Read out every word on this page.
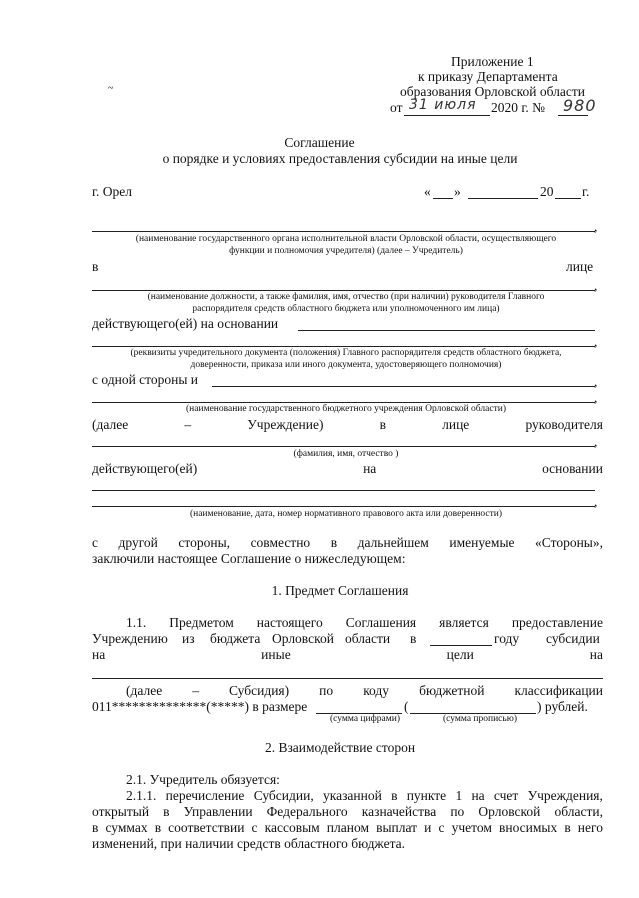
~
Приложение 1
к приказу Департамента
образования Орловской области
от 31 июля 2020 г. № 980
Соглашение
о порядке и условиях предоставления субсидии на иные цели
г. Орел	« »	20 г.
,
(наименование государственного органа исполнительной власти Орловской области, осуществляющего
функции и полномочия учредителя) (далее – Учредитель)
в	лице
,
(наименование должности, а также фамилия, имя, отчество (при наличии) руководителя Главного
распорядителя средств областного бюджета или уполномоченного им лица)
действующего(ей) на основании
,
(реквизиты учредительного документа (положения) Главного распорядителя средств областного бюджета,
доверенности, приказа или иного документа, удостоверяющего полномочия)
с одной стороны и	,
,
(наименование государственного бюджетного учреждения Орловской области)
(далее	–	Учреждение)	в	лице	руководителя
,
(фамилия, имя, отчество )
действующего(ей)	на	основании
,
(наименование, дата, номер нормативного правового акта или доверенности)
с другой стороны, совместно в дальнейшем именуемые «Стороны»,
заключили настоящее Соглашение о нижеследующем:
1. Предмет Соглашения
1.1. Предметом настоящего Соглашения является предоставление
Учреждению из бюджета Орловской области в	году субсидии
на	иные	цели	на
(далее – Субсидия) по коду бюджетной классификации
011**************(*****) в размере	(	) рублей.
(сумма цифрами)	(сумма прописью)
2. Взаимодействие сторон
2.1. Учредитель обязуется:
2.1.1. перечисление Субсидии, указанной в пункте 1 на счет Учреждения,
открытый в Управлении Федерального казначейства по Орловской области,
в суммах в соответствии с кассовым планом выплат и с учетом вносимых в него
изменений, при наличии средств областного бюджета.
